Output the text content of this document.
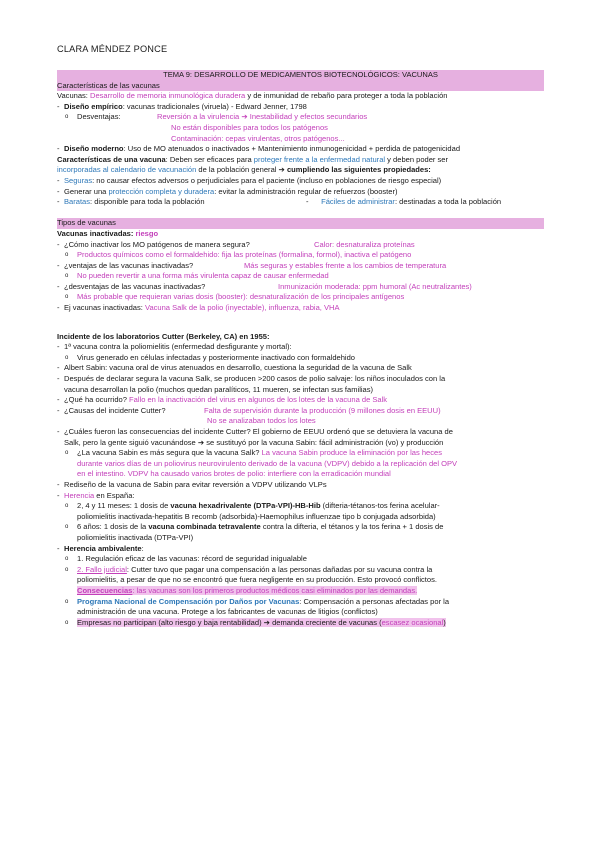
CLARA MÉNDEZ PONCE
TEMA 9: DESARROLLO DE MEDICAMENTOS BIOTECNOLÓGICOS: VACUNAS
Características de las vacunas
Vacunas: Desarrollo de memoria inmunológica duradera y de inmunidad de rebaño para proteger a toda la población
- Diseño empírico: vacunas tradicionales (viruela) - Edward Jenner, 1798
o Desventajas:	Reversión a la virulencia ➔ Inestabilidad y efectos secundarios
No están disponibles para todos los patógenos
Contaminación: cepas virulentas, otros patógenos...
- Diseño moderno: Uso de MO atenuados o inactivados + Mantenimiento inmunogenicidad + perdida de patogenicidad
Características de una vacuna: Deben ser eficaces para proteger frente a la enfermedad natural y deben poder ser
incorporadas al calendario de vacunación de la población general ➔ cumpliendo las siguientes propiedades:
- Seguras: no causar efectos adversos o perjudiciales para el paciente (incluso en poblaciones de riesgo especial)
- Generar una protección completa y duradera: evitar la administración regular de refuerzos (booster)
- Baratas: disponible para toda la población	-      Fáciles de administrar: destinadas a toda la población
Tipos de vacunas
Vacunas inactivadas: riesgo
- ¿Cómo inactivar los MO patógenos de manera segura?	Calor: desnaturaliza proteínas
o Productos químicos como el formaldehido: fija las proteínas (formalina, formol), inactiva el patógeno
- ¿ventajas de las vacunas inactivadas?	Más seguras y estables frente a los cambios de temperatura
o No pueden revertir a una forma más virulenta capaz de causar enfermedad
- ¿desventajas de las vacunas inactivadas?	Inmunización moderada: ppm humoral (Ac neutralizantes)
o Más probable que requieran varias dosis (booster): desnaturalización de los principales antígenos
- Ej vacunas inactivadas: Vacuna Salk de la polio (inyectable), influenza, rabia, VHA
Incidente de los laboratorios Cutter (Berkeley, CA) en 1955:
- 1ª vacuna contra la poliomielitis (enfermedad desfigurante y mortal):
o Virus generado en células infectadas y posteriormente inactivado con formaldehido
- Albert Sabin: vacuna oral de virus atenuados en desarrollo, cuestiona la seguridad de la vacuna de Salk
- Después de declarar segura la vacuna Salk, se producen >200 casos de polio salvaje: los niños inoculados con la
vacuna desarrollan la polio (muchos quedan paralíticos, 11 mueren, se infectan sus familias)
- ¿Qué ha ocurrido? Fallo en la inactivación del virus en algunos de los lotes de la vacuna de Salk
- ¿Causas del incidente Cutter?	Falta de supervisión durante la producción (9 millones dosis en EEUU)
No se analizaban todos los lotes
- ¿Cuáles fueron las consecuencias del incidente Cutter? El gobierno de EEUU ordenó que se detuviera la vacuna de
Salk, pero la gente siguió vacunándose ➔ se sustituyó por la vacuna Sabin: fácil administración (vo) y producción
o ¿La vacuna Sabin es más segura que la vacuna Salk? La vacuna Sabin produce la eliminación por las heces
durante varios días de un poliovirus neurovirulento derivado de la vacuna (VDPV) debido a la replicación del OPV
en el intestino. VDPV ha causado varios brotes de polio: interfiere con la erradicación mundial
- Rediseño de la vacuna de Sabin para evitar reversión a VDPV utilizando VLPs
- Herencia en España:
o 2, 4 y 11 meses: 1 dosis de vacuna hexadrivalente (DTPa-VPI)-HB-Hib (difteria-tétanos-tos ferina acelular-
poliomielitis inactivada-hepatitis B recomb (adsorbida)-Haemophilus influenzae tipo b conjugada adsorbida)
o 6 años: 1 dosis de la vacuna combinada tetravalente contra la difteria, el tétanos y la tos ferina + 1 dosis de
poliomielitis inactivada (DTPa-VPI)
- Herencia ambivalente:
o 1. Regulación eficaz de las vacunas: récord de seguridad inigualable
o 2. Fallo judicial: Cutter tuvo que pagar una compensación a las personas dañadas por su vacuna contra la
poliomielitis, a pesar de que no se encontró que fuera negligente en su producción. Esto provocó conflictos.
Consecuencias: las vacunas son los primeros productos médicos casi eliminados por las demandas.
o Programa Nacional de Compensación por Daños por Vacunas: Compensación a personas afectadas por la
administración de una vacuna. Protege a los fabricantes de vacunas de litigios (conflictos)
o Empresas no participan (alto riesgo y baja rentabilidad) ➔ demanda creciente de vacunas (escasez ocasional)
